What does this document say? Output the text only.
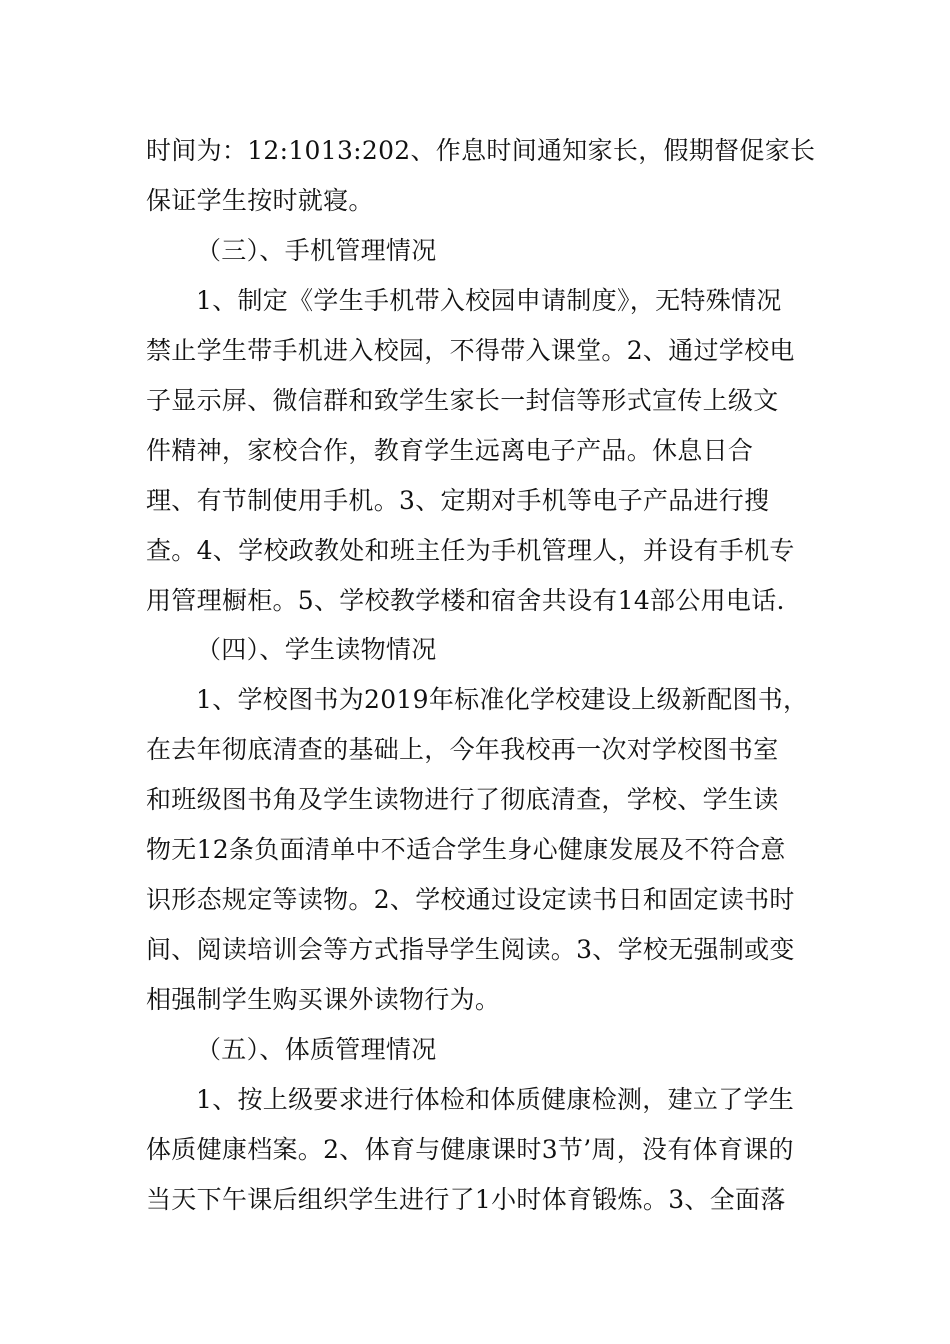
时间为：12:1013:202、作息时间通知家长，假期督促家长
保证学生按时就寝。
（三）、手机管理情况
1、制定《学生手机带入校园申请制度》，无特殊情况
禁止学生带手机进入校园，不得带入课堂。2、通过学校电
子显示屏、微信群和致学生家长一封信等形式宣传上级文
件精神，家校合作，教育学生远离电子产品。休息日合
理、有节制使用手机。3、定期对手机等电子产品进行搜
查。4、学校政教处和班主任为手机管理人，并设有手机专
用管理橱柜。5、学校教学楼和宿舍共设有14部公用电话.
（四）、学生读物情况
1、学校图书为2019年标准化学校建设上级新配图书，
在去年彻底清查的基础上，今年我校再一次对学校图书室
和班级图书角及学生读物进行了彻底清查，学校、学生读
物无12条负面清单中不适合学生身心健康发展及不符合意
识形态规定等读物。2、学校通过设定读书日和固定读书时
间、阅读培训会等方式指导学生阅读。3、学校无强制或变
相强制学生购买课外读物行为。
（五）、体质管理情况
1、按上级要求进行体检和体质健康检测，建立了学生
体质健康档案。2、体育与健康课时3节’周，没有体育课的
当天下午课后组织学生进行了1小时体育锻炼。3、全面落
